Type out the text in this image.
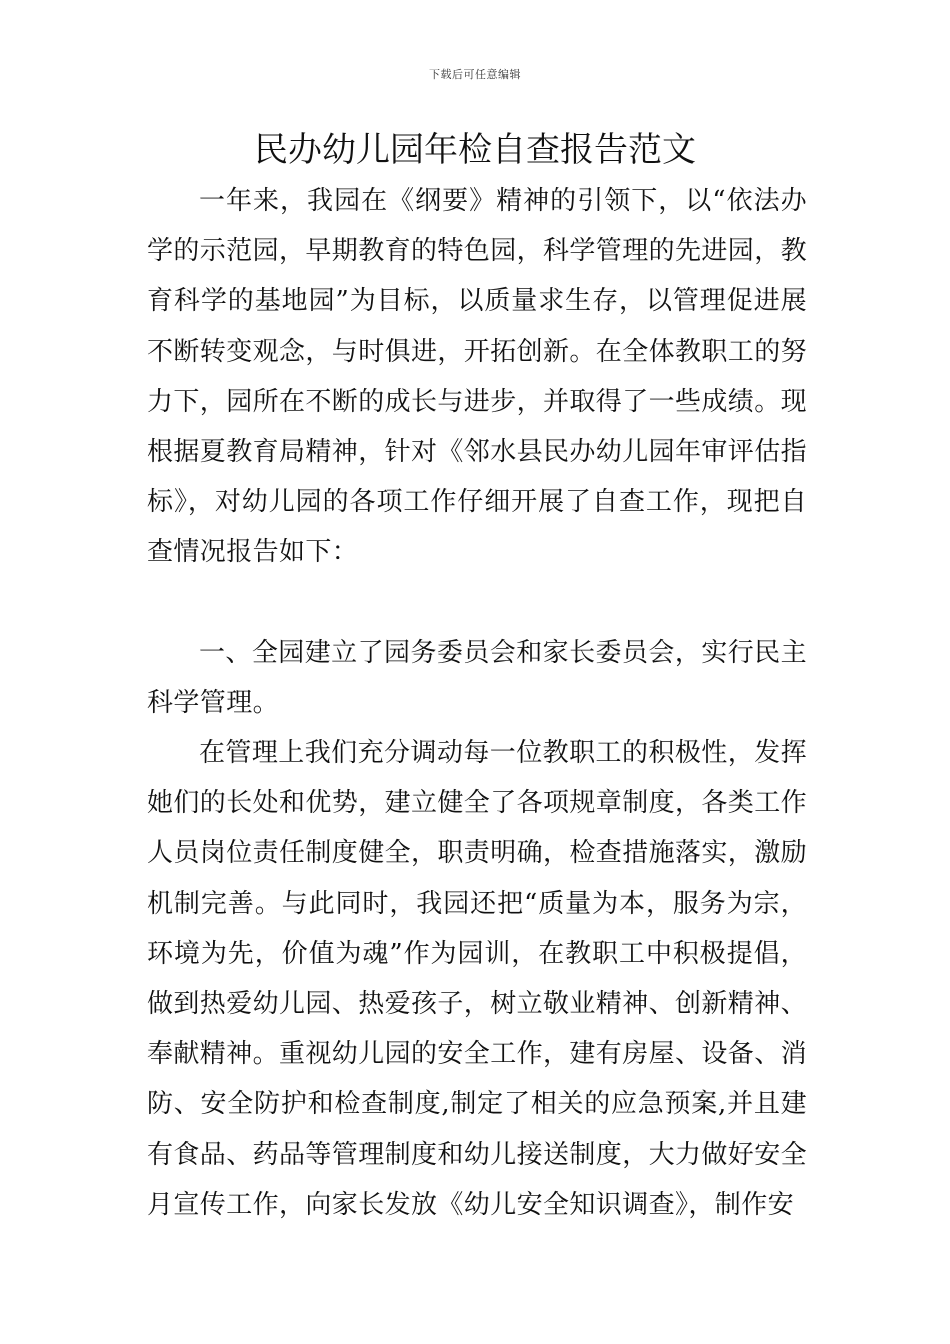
下载后可任意编辑
民办幼儿园年检自查报告范文

一年来，我园在《纲要》精神的引领下，以“依法办学的示范园，早期教育的特色园，科学管理的先进园，教育科学的基地园”为目标，以质量求生存，以管理促进展不断转变观念，与时俱进，开拓创新。在全体教职工的努力下，园所在不断的成长与进步，并取得了一些成绩。现根据夏教育局精神，针对《邻水县民办幼儿园年审评估指标》，对幼儿园的各项工作仔细开展了自查工作，现把自查情况报告如下：

一、全园建立了园务委员会和家长委员会，实行民主科学管理。

在管理上我们充分调动每一位教职工的积极性，发挥她们的长处和优势，建立健全了各项规章制度，各类工作人员岗位责任制度健全，职责明确，检查措施落实，激励机制完善。与此同时，我园还把“质量为本，服务为宗，环境为先，价值为魂”作为园训，在教职工中积极提倡，做到热爱幼儿园、热爱孩子，树立敬业精神、创新精神、奉献精神。重视幼儿园的安全工作，建有房屋、设备、消防、安全防护和检查制度,制定了相关的应急预案,并且建有食品、药品等管理制度和幼儿接送制度，大力做好安全月宣传工作，向家长发放《幼儿安全知识调查》，制作安
